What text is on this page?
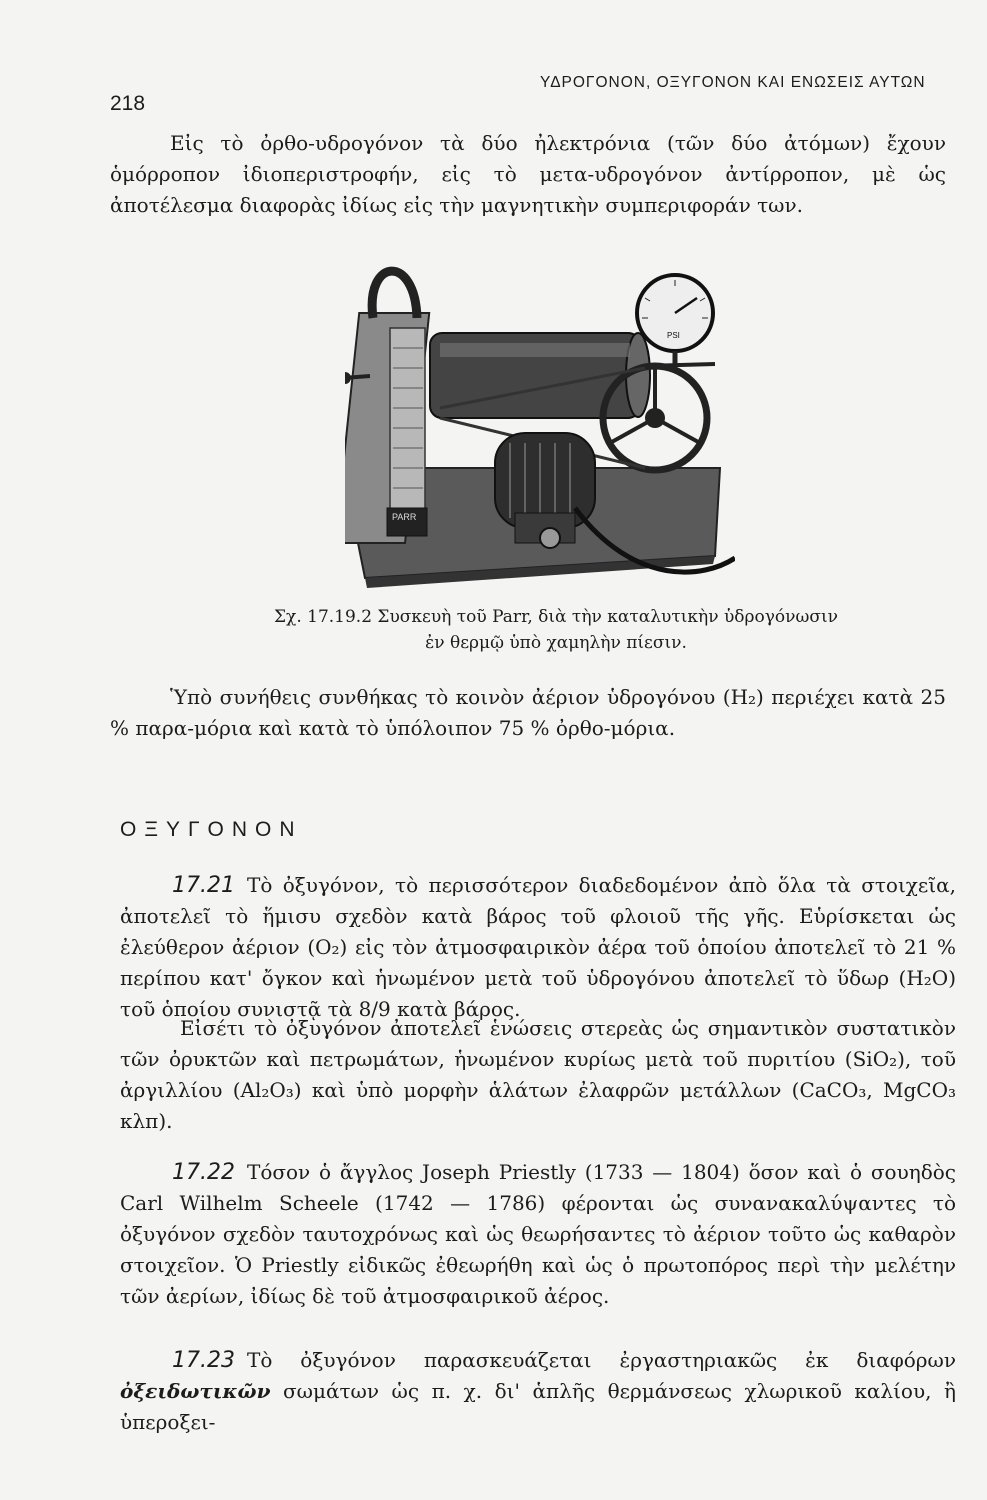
218
ΥΔΡΟΓΟΝΟΝ, ΟΞΥΓΟΝΟΝ ΚΑΙ ΕΝΩΣΕΙΣ ΑΥΤΩΝ
Εἰς τὸ ὀρθο-υδρογόνον τὰ δύο ἠλεκτρόνια (τῶν δύο ἀτόμων) ἔχουν ὁμόρροπον ἰδιοπεριστροφήν, εἰς τὸ μετα-υδρογόνον ἀντίρροπον, μὲ ὡς ἀποτέλεσμα διαφορὰς ἰδίως εἰς τὴν μαγνητικὴν συμπεριφοράν των.
PSI
PARR
Σχ. 17.19.2 Συσκευὴ τοῦ Parr, διὰ τὴν καταλυτικὴν ὑδρογόνωσιν
ἐν θερμῷ ὑπὸ χαμηλὴν πίεσιν.
Ὑπὸ συνήθεις συνθήκας τὸ κοινὸν ἀέριον ὑδρογόνου (H₂) περιέχει κατὰ 25 % παρα-μόρια καὶ κατὰ τὸ ὑπόλοιπον 75 % ὀρθο-μόρια.
ΟΞΥΓΟΝΟΝ
17.21 Τὸ ὀξυγόνον, τὸ περισσότερον διαδεδομένον ἀπὸ ὅλα τὰ στοιχεῖα, ἀποτελεῖ τὸ ἥμισυ σχεδὸν κατὰ βάρος τοῦ φλοιοῦ τῆς γῆς. Εὑρίσκεται ὡς ἐλεύθερον ἀέριον (O₂) εἰς τὸν ἀτμοσφαιρικὸν ἀέρα τοῦ ὁποίου ἀποτελεῖ τὸ 21 % περίπου κατ' ὄγκον καὶ ἡνωμένον μετὰ τοῦ ὑδρογόνου ἀποτελεῖ τὸ ὕδωρ (H₂O) τοῦ ὁποίου συνιστᾷ τὰ 8/9 κατὰ βάρος.
Εἰσέτι τὸ ὀξυγόνον ἀποτελεῖ ἑνώσεις στερεὰς ὡς σημαντικὸν συστατικὸν τῶν ὀρυκτῶν καὶ πετρωμάτων, ἡνωμένον κυρίως μετὰ τοῦ πυριτίου (SiO₂), τοῦ ἀργιλλίου (Al₂O₃) καὶ ὑπὸ μορφὴν ἁλάτων ἐλαφρῶν μετάλλων (CaCO₃, MgCO₃ κλπ).
17.22 Τόσον ὁ ἄγγλος Joseph Priestly (1733 — 1804) ὅσον καὶ ὁ σουηδὸς Carl Wilhelm Scheele (1742 — 1786) φέρονται ὡς συνανακαλύψαντες τὸ ὀξυγόνον σχεδὸν ταυτοχρόνως καὶ ὡς θεωρήσαντες τὸ ἀέριον τοῦτο ὡς καθαρὸν στοιχεῖον. Ὁ Priestly εἰδικῶς ἐθεωρήθη καὶ ὡς ὁ πρωτοπόρος περὶ τὴν μελέτην τῶν ἀερίων, ἰδίως δὲ τοῦ ἀτμοσφαιρικοῦ ἀέρος.
17.23 Τὸ ὀξυγόνον παρασκευάζεται ἐργαστηριακῶς ἐκ διαφόρων ὀξειδωτικῶν σωμάτων ὡς π. χ. δι' ἁπλῆς θερμάνσεως χλωρικοῦ καλίου, ἢ ὑπεροξει-
